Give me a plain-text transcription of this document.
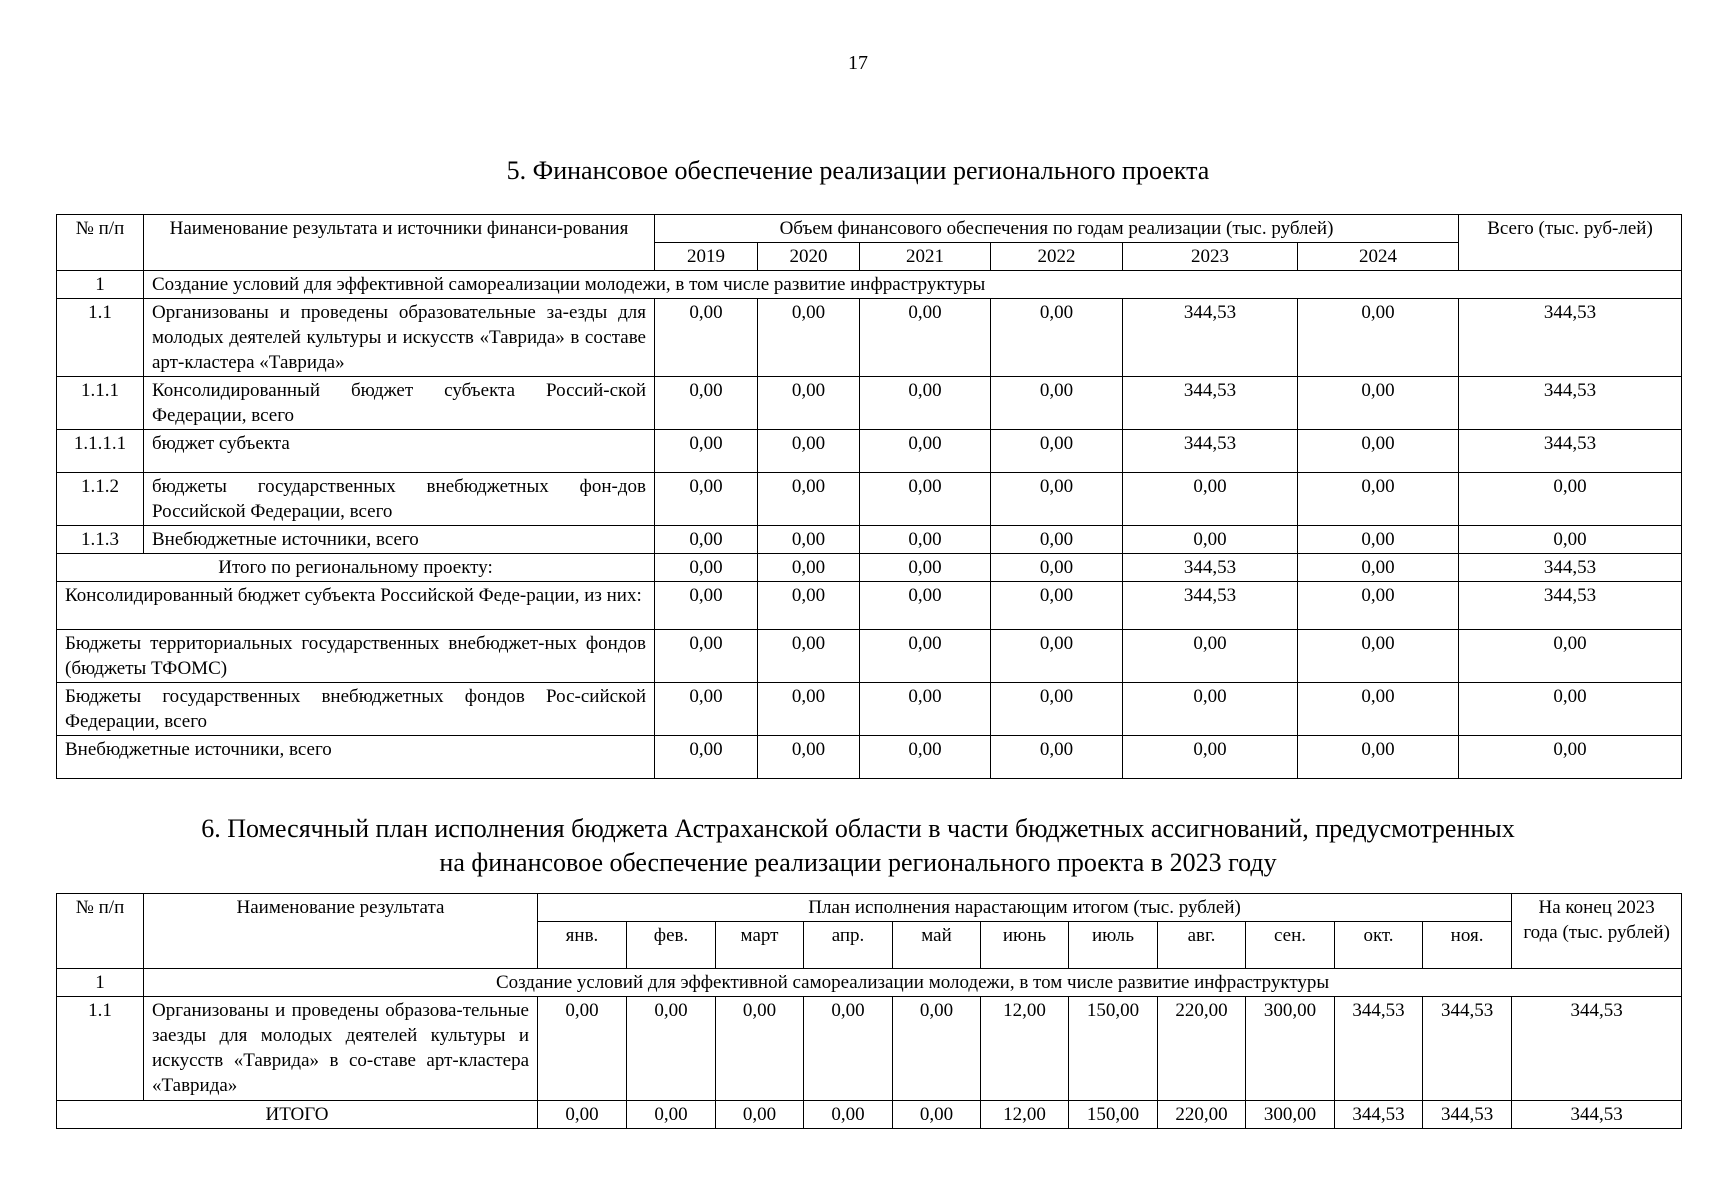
17
5. Финансовое обеспечение реализации регионального проекта
№ п/п	Наименование результата и источники финанси-рования	Объем финансового обеспечения по годам реализации (тыс. рублей)						Всего (тыс. руб-лей)
		2019	2020	2021	2022	2023	2024	
1	Создание условий для эффективной самореализации молодежи, в том числе развитие инфраструктуры							
1.1	Организованы и проведены образовательные за-езды для молодых деятелей культуры и искусств «Таврида» в составе арт-кластера «Таврида»	0,00	0,00	0,00	0,00	344,53	0,00	344,53
1.1.1	Консолидированный бюджет субъекта Россий-ской Федерации, всего	0,00	0,00	0,00	0,00	344,53	0,00	344,53
1.1.1.1	бюджет субъекта	0,00	0,00	0,00	0,00	344,53	0,00	344,53
1.1.2	бюджеты государственных внебюджетных фон-дов Российской Федерации, всего	0,00	0,00	0,00	0,00	0,00	0,00	0,00
1.1.3	Внебюджетные источники, всего	0,00	0,00	0,00	0,00	0,00	0,00	0,00
Итого по региональному проекту:		0,00	0,00	0,00	0,00	344,53	0,00	344,53
Консолидированный бюджет субъекта Российской Феде-рации, из них:		0,00	0,00	0,00	0,00	344,53	0,00	344,53
Бюджеты территориальных государственных внебюджет-ных фондов (бюджеты ТФОМС)		0,00	0,00	0,00	0,00	0,00	0,00	0,00
Бюджеты государственных внебюджетных фондов Рос-сийской Федерации, всего		0,00	0,00	0,00	0,00	0,00	0,00	0,00
Внебюджетные источники, всего		0,00	0,00	0,00	0,00	0,00	0,00	0,00
6. Помесячный план исполнения бюджета Астраханской области в части бюджетных ассигнований, предусмотренных
на финансовое обеспечение реализации регионального проекта в 2023 году
№ п/п	Наименование результата	План исполнения нарастающим итогом (тыс. рублей)											На конец 2023 года (тыс. рублей)
		янв.	фев.	март	апр.	май	июнь	июль	авг.	сен.	окт.	ноя.	
1	Создание условий для эффективной самореализации молодежи, в том числе развитие инфраструктуры												
1.1	Организованы и проведены образова-тельные заезды для молодых деятелей культуры и искусств «Таврида» в со-ставе арт-кластера «Таврида»	0,00	0,00	0,00	0,00	0,00	12,00	150,00	220,00	300,00	344,53	344,53	344,53
ИТОГО		0,00	0,00	0,00	0,00	0,00	12,00	150,00	220,00	300,00	344,53	344,53	344,53
